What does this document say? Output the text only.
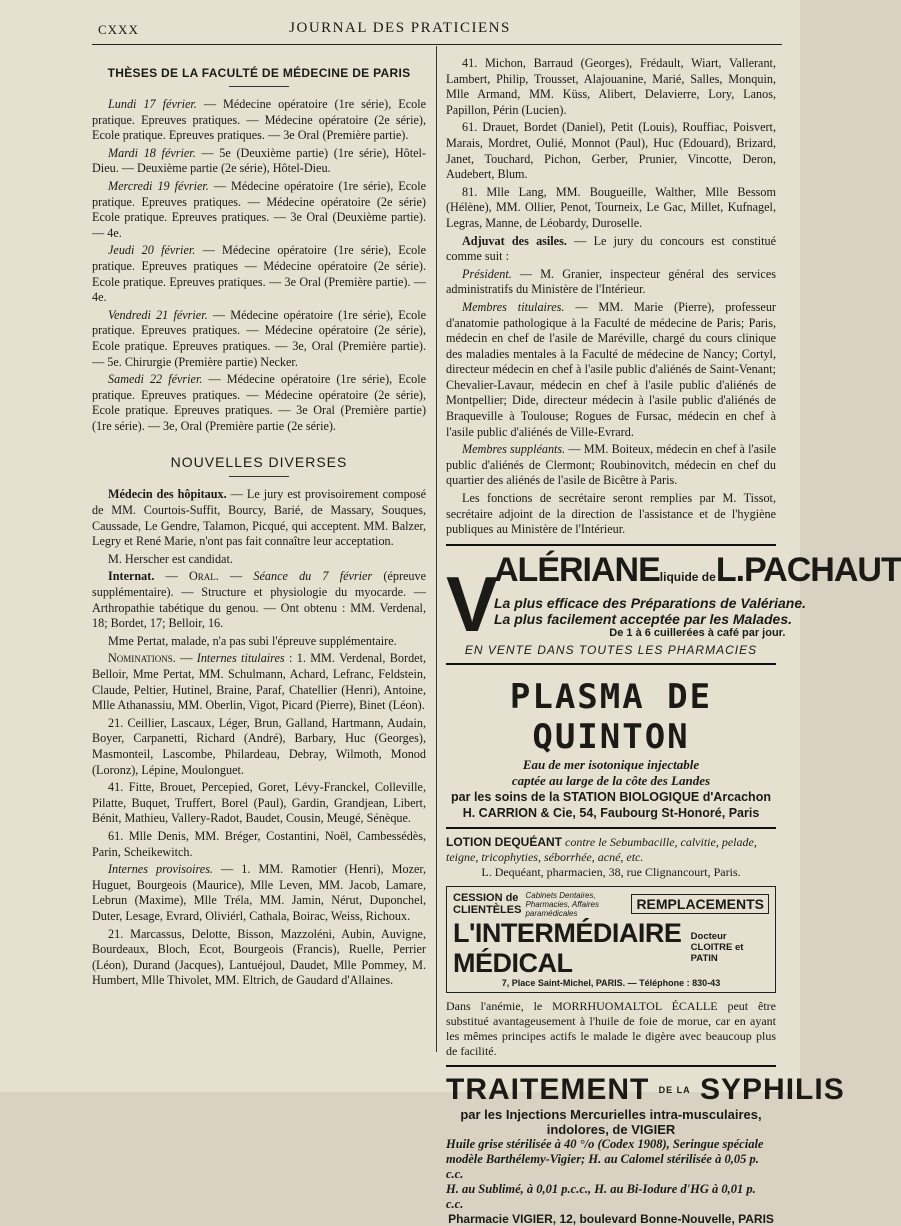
CXXX	JOURNAL DES PRATICIENS
THÈSES DE LA FACULTÉ DE MÉDECINE DE PARIS

Lundi 17 février. — Médecine opératoire (1re série), Ecole pratique. Epreuves pratiques. — Médecine opératoire (2e série), Ecole pratique. Epreuves pratiques. — 3e Oral (Première partie).

Mardi 18 février. — 5e (Deuxième partie) (1re série), Hôtel-Dieu. — Deuxième partie (2e série), Hôtel-Dieu.

Mercredi 19 février. — Médecine opératoire (1re série), Ecole pratique. Epreuves pratiques. — Médecine opératoire (2e série) Ecole pratique. Epreuves pratiques. — 3e Oral (Deuxième partie). — 4e.

Jeudi 20 février. — Médecine opératoire (1re série), Ecole pratique. Epreuves pratiques — Médecine opératoire (2e série). Ecole pratique. Epreuves pratiques. — 3e Oral (Première partie). — 4e.

Vendredi 21 février. — Médecine opératoire (1re série), Ecole pratique. Epreuves pratiques. — Médecine opératoire (2e série), Ecole pratique. Epreuves pratiques. — 3e, Oral (Première partie). — 5e. Chirurgie (Première partie) Necker.

Samedi 22 février. — Médecine opératoire (1re série), Ecole pratique. Epreuves pratiques. — Médecine opératoire (2e série), Ecole pratique. Epreuves pratiques. — 3e Oral (Première partie) (1re série). — 3e, Oral (Première partie (2e série).

NOUVELLES DIVERSES

Médecin des hôpitaux. — Le jury est provisoirement composé de MM. Courtois-Suffit, Bourcy, Barié, de Massary, Souques, Caussade, Le Gendre, Talamon, Picqué, qui acceptent. MM. Balzer, Legry et René Marie, n'ont pas fait connaître leur acceptation.

M. Herscher est candidat.

Internat. — Oral. — Séance du 7 février (épreuve supplémentaire). — Structure et physiologie du myocarde. — Arthropathie tabétique du genou. — Ont obtenu : MM. Verdenal, 18; Bordet, 17; Belloir, 16.

Mme Pertat, malade, n'a pas subi l'épreuve supplémentaire.

Nominations. — Internes titulaires : 1. MM. Verdenal, Bordet, Belloir, Mme Pertat, MM. Schulmann, Achard, Lefranc, Feldstein, Claude, Peltier, Hutinel, Braine, Paraf, Chatellier (Henri), Antoine, Mlle Athanassiu, MM. Oberlin, Vigot, Picard (Pierre), Binet (Léon).

21. Ceillier, Lascaux, Léger, Brun, Galland, Hartmann, Audain, Boyer, Carpanetti, Richard (André), Barbary, Huc (Georges), Masmonteil, Lascombe, Philardeau, Debray, Wilmoth, Monod (Loronz), Lépine, Moulonguet.

41. Fitte, Brouet, Percepied, Goret, Lévy-Franckel, Colleville, Pilatte, Buquet, Truffert, Borel (Paul), Gardin, Grandjean, Libert, Bénit, Mathieu, Vallery-Radot, Baudet, Cousin, Meugé, Sénèque.

61. Mlle Denis, MM. Bréger, Costantini, Noël, Cambessédès, Parin, Scheikewitch.

Internes provisoires. — 1. MM. Ramotier (Henri), Mozer, Huguet, Bourgeois (Maurice), Mlle Leven, MM. Jacob, Lamare, Lebrun (Maxime), Mlle Tréla, MM. Jamin, Nérut, Duponchel, Duter, Lesage, Evrard, Oliviérl, Cathala, Boirac, Weiss, Richoux.

21. Marcassus, Delotte, Bisson, Mazzoléni, Aubin, Auvigne, Bourdeaux, Bloch, Ecot, Bourgeois (Francis), Ruelle, Perrier (Léon), Durand (Jacques), Lantuéjoul, Daudet, Mlle Pommey, M. Humbert, Mlle Thivolet, MM. Eltrich, de Gaudard d'Allaines.

41. Michon, Barraud (Georges), Frédault, Wiart, Vallerant, Lambert, Philip, Trousset, Alajouanine, Marié, Salles, Monquin, Mlle Armand, MM. Küss, Alibert, Delavierre, Lory, Lanos, Papillon, Périn (Lucien).

61. Drauet, Bordet (Daniel), Petit (Louis), Rouffiac, Poisvert, Marais, Mordret, Oulié, Monnot (Paul), Huc (Edouard), Brizard, Janet, Touchard, Pichon, Gerber, Prunier, Vincotte, Deron, Audebert, Blum.

81. Mlle Lang, MM. Bougueille, Walther, Mlle Bessom (Hélène), MM. Ollier, Penot, Tourneix, Le Gac, Millet, Kufnagel, Legras, Manne, de Léobardy, Duroselle.

Adjuvat des asiles. — Le jury du concours est constitué comme suit :

Président. — M. Granier, inspecteur général des services administratifs du Ministère de l'Intérieur.

Membres titulaires. — MM. Marie (Pierre), professeur d'anatomie pathologique à la Faculté de médecine de Paris; Paris, médecin en chef de l'asile de Maréville, chargé du cours clinique des maladies mentales à la Faculté de médecine de Nancy; Cortyl, directeur médecin en chef à l'asile public d'aliénés de Saint-Venant; Chevalier-Lavaur, médecin en chef à l'asile public d'aliénés de Montpellier; Dide, directeur médecin à l'asile public d'aliénés de Braqueville à Toulouse; Rogues de Fursac, médecin en chef à l'asile public d'aliénés de Ville-Evrard.

Membres suppléants. — MM. Boiteux, médecin en chef à l'asile public d'aliénés de Clermont; Roubinovitch, médecin en chef du quartier des aliénés de l'asile de Bicêtre à Paris.

Les fonctions de secrétaire seront remplies par M. Tissot, secrétaire adjoint de la direction de l'assistance et de l'hygiène publiques au Ministère de l'Intérieur.

V
ALÉRIANEliquide deL.PACHAUT
La plus efficace des Préparations de Valériane.
La plus facilement acceptée par les Malades.
De 1 à 6 cuillerées à café par jour.
EN VENTE DANS TOUTES LES PHARMACIES
PLASMA DE QUINTON
Eau de mer isotonique injectable
captée au large de la côte des Landes
par les soins de la STATION BIOLOGIQUE d'Arcachon
H. CARRION & Cie, 54, Faubourg St-Honoré, Paris
LOTION DEQUÉANT contre le Sebumbacille, calvitie, pelade, teigne, tricophyties, séborrhée, acné, etc.
L. Dequéant, pharmacien, 38, rue Clignancourt, Paris.
CESSION de CLIENTÈLES
Cabinets Dentaires, Pharmacies, Affaires paramédicales
REMPLACEMENTS
L'INTERMÉDIAIRE MÉDICAL
Docteur CLOITRE et PATIN
7, Place Saint-Michel, PARIS. — Téléphone : 830-43
Dans l'anémie, le MORRHUOMALTOL ÉCALLE peut être substitué avantageusement à l'huile de foie de morue, car en ayant les mêmes principes actifs le malade le digère avec beaucoup plus de facilité.
TRAITEMENT DE LA SYPHILIS
par les Injections Mercurielles intra-musculaires,
indolores, de VIGIER
Huile grise stérilisée à 40 °/o (Codex 1908), Seringue spéciale
modèle Barthélemy-Vigier; H. au Calomel stérilisée à 0,05 p. c.c.
H. au Sublimé, à 0,01 p.c.c., H. au Bi-Iodure d'HG à 0,01 p. c.c.
Pharmacie VIGIER, 12, boulevard Bonne-Nouvelle, PARIS
